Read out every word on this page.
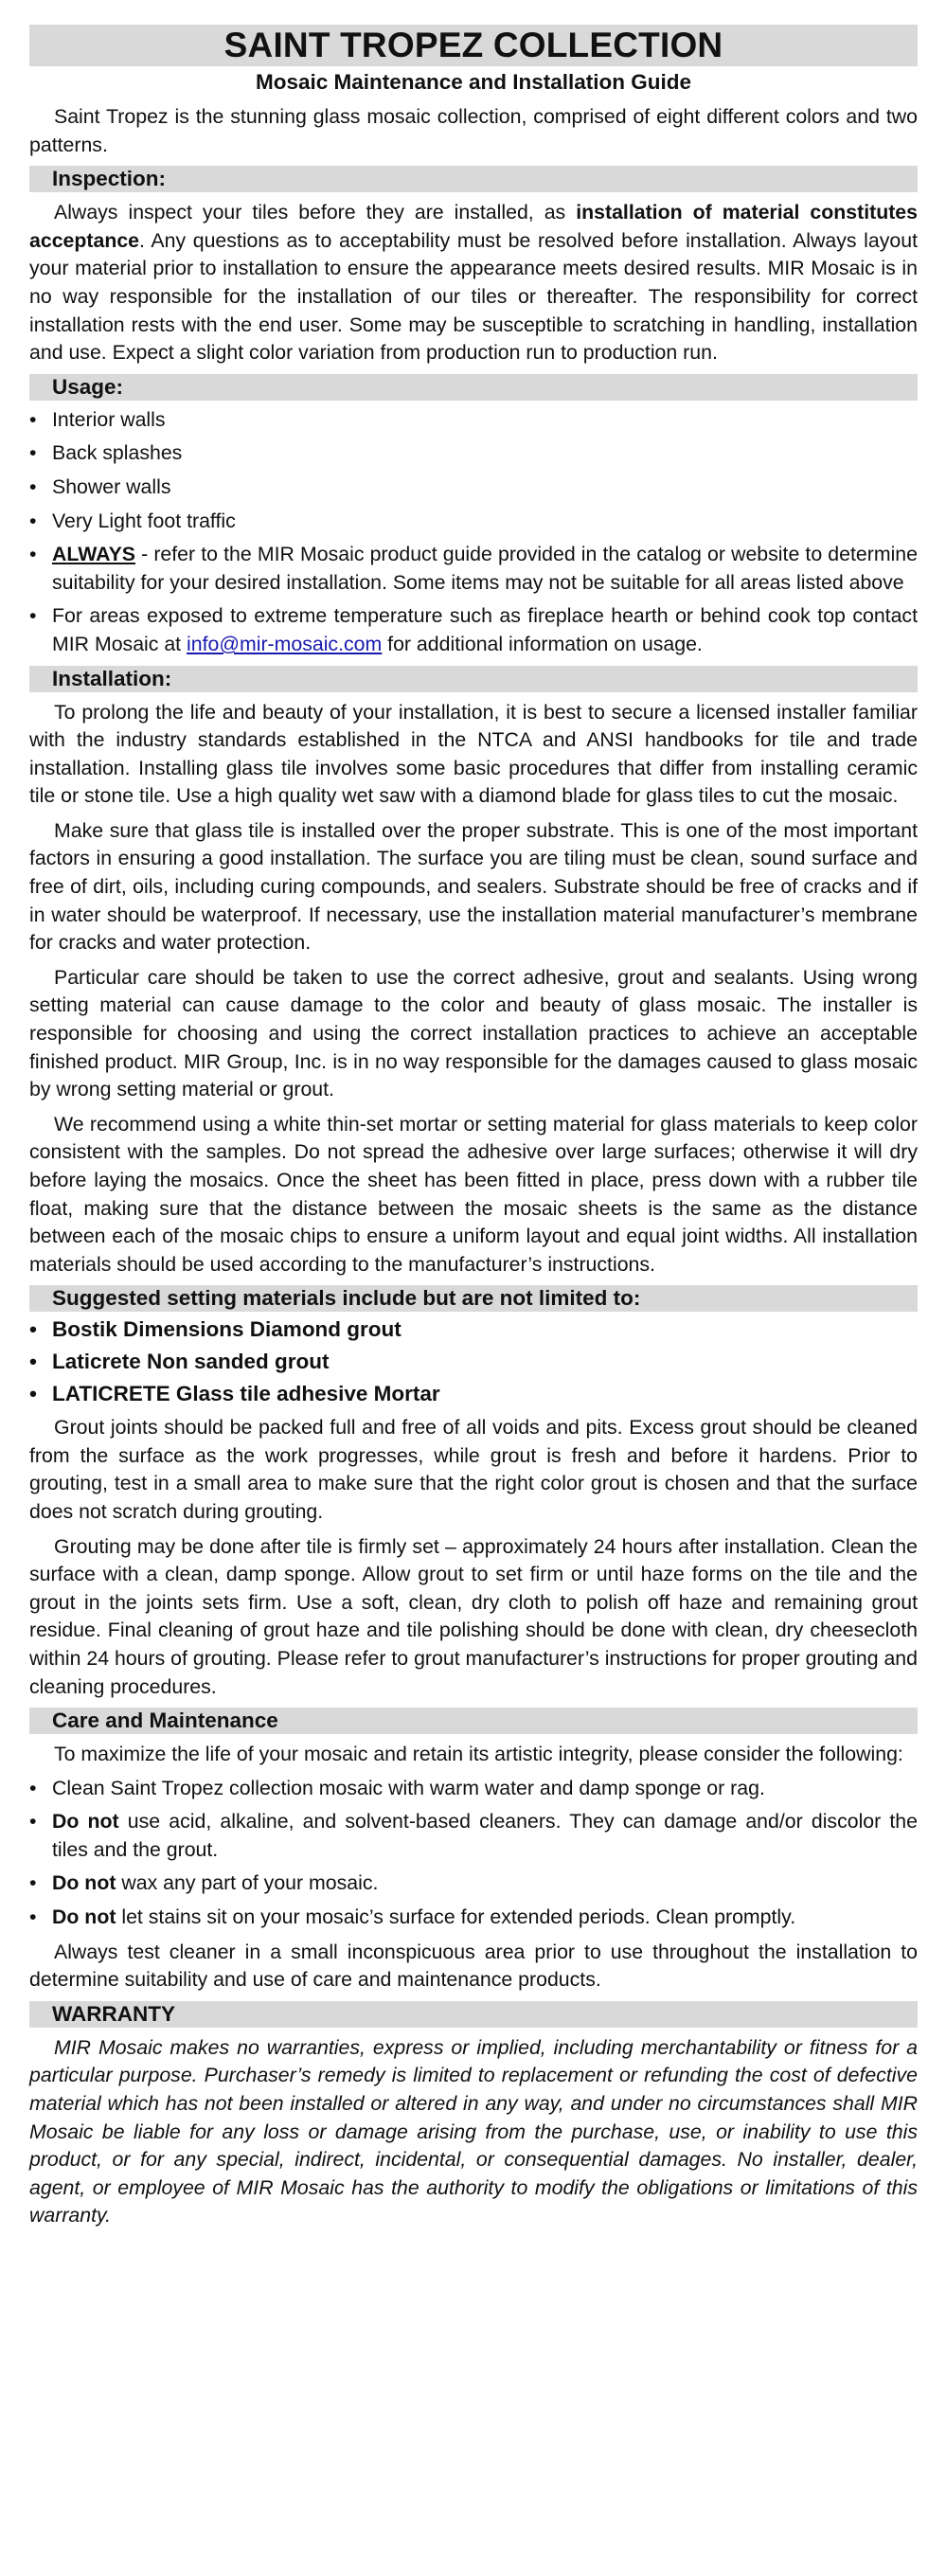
SAINT TROPEZ COLLECTION
Mosaic Maintenance and Installation Guide

Saint Tropez is the stunning glass mosaic collection, comprised of eight different colors and two patterns.

Inspection:

Always inspect your tiles before they are installed, as installation of material constitutes acceptance. Any questions as to acceptability must be resolved before installation. Always layout your material prior to installation to ensure the appearance meets desired results. MIR Mosaic is in no way responsible for the installation of our tiles or thereafter. The responsibility for correct installation rests with the end user. Some may be susceptible to scratching in handling, installation and use. Expect a slight color variation from production run to production run.

Usage:
• Interior walls
• Back splashes
• Shower walls
• Very Light foot traffic
• ALWAYS - refer to the MIR Mosaic product guide provided in the catalog or website to determine suitability for your desired installation. Some items may not be suitable for all areas listed above
• For areas exposed to extreme temperature such as fireplace hearth or behind cook top contact MIR Mosaic at info@mir-mosaic.com for additional information on usage.
Installation:

To prolong the life and beauty of your installation, it is best to secure a licensed installer familiar with the industry standards established in the NTCA and ANSI handbooks for tile and trade installation. Installing glass tile involves some basic procedures that differ from installing ceramic tile or stone tile. Use a high quality wet saw with a diamond blade for glass tiles to cut the mosaic.

Make sure that glass tile is installed over the proper substrate. This is one of the most important factors in ensuring a good installation. The surface you are tiling must be clean, sound surface and free of dirt, oils, including curing compounds, and sealers. Substrate should be free of cracks and if in water should be waterproof. If necessary, use the installation material manufacturer’s membrane for cracks and water protection.

Particular care should be taken to use the correct adhesive, grout and sealants. Using wrong setting material can cause damage to the color and beauty of glass mosaic. The installer is responsible for choosing and using the correct installation practices to achieve an acceptable finished product. MIR Group, Inc. is in no way responsible for the damages caused to glass mosaic by wrong setting material or grout.

We recommend using a white thin-set mortar or setting material for glass materials to keep color consistent with the samples. Do not spread the adhesive over large surfaces; otherwise it will dry before laying the mosaics. Once the sheet has been fitted in place, press down with a rubber tile float, making sure that the distance between the mosaic sheets is the same as the distance between each of the mosaic chips to ensure a uniform layout and equal joint widths. All installation materials should be used according to the manufacturer’s instructions.

Suggested setting materials include but are not limited to:
• Bostik Dimensions Diamond grout
• Laticrete Non sanded grout
• LATICRETE Glass tile adhesive Mortar

Grout joints should be packed full and free of all voids and pits. Excess grout should be cleaned from the surface as the work progresses, while grout is fresh and before it hardens. Prior to grouting, test in a small area to make sure that the right color grout is chosen and that the surface does not scratch during grouting.

Grouting may be done after tile is firmly set – approximately 24 hours after installation. Clean the surface with a clean, damp sponge. Allow grout to set firm or until haze forms on the tile and the grout in the joints sets firm. Use a soft, clean, dry cloth to polish off haze and remaining grout residue. Final cleaning of grout haze and tile polishing should be done with clean, dry cheesecloth within 24 hours of grouting. Please refer to grout manufacturer’s instructions for proper grouting and cleaning procedures.

Care and Maintenance

To maximize the life of your mosaic and retain its artistic integrity, please consider the following:

• Clean Saint Tropez collection mosaic with warm water and damp sponge or rag.
• Do not use acid, alkaline, and solvent-based cleaners. They can damage and/or discolor the tiles and the grout.
• Do not wax any part of your mosaic.
• Do not let stains sit on your mosaic’s surface for extended periods. Clean promptly.

Always test cleaner in a small inconspicuous area prior to use throughout the installation to determine suitability and use of care and maintenance products.

WARRANTY

MIR Mosaic makes no warranties, express or implied, including merchantability or fitness for a particular purpose. Purchaser’s remedy is limited to replacement or refunding the cost of defective material which has not been installed or altered in any way, and under no circumstances shall MIR Mosaic be liable for any loss or damage arising from the purchase, use, or inability to use this product, or for any special, indirect, incidental, or consequential damages. No installer, dealer, agent, or employee of MIR Mosaic has the authority to modify the obligations or limitations of this warranty.
